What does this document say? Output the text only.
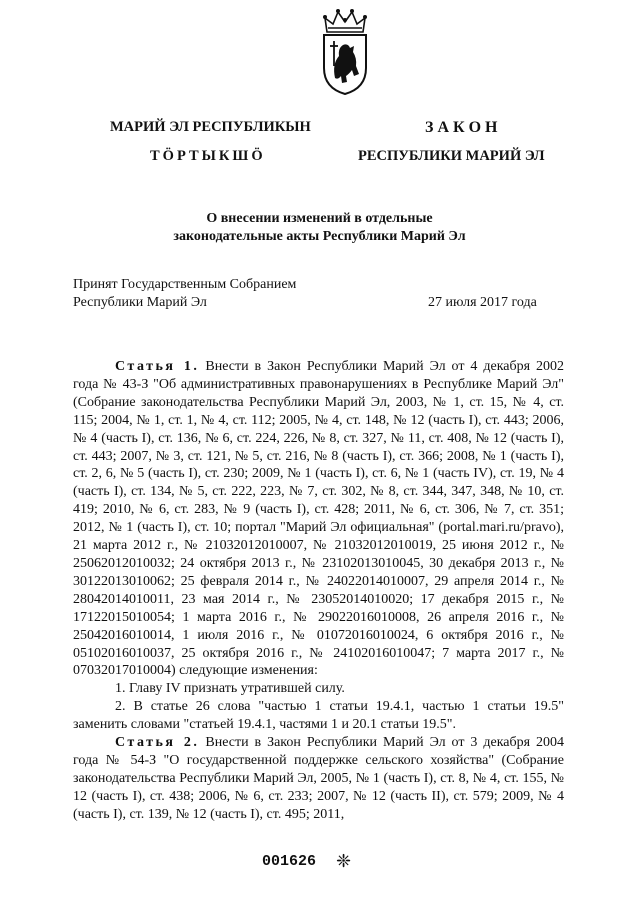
МАРИЙ ЭЛ РЕСПУБЛИКЫН
ТӦРТЫКШӦ
З А К О Н
РЕСПУБЛИКИ МАРИЙ ЭЛ
О внесении изменений в отдельные
законодательные акты Республики Марий Эл
Принят Государственным Собранием
Республики Марий Эл	27 июля 2017 года

Статья 1. Внести в Закон Республики Марий Эл от 4 декабря 2002 года № 43-З "Об административных правонарушениях в Республике Марий Эл" (Собрание законодательства Республики Марий Эл, 2003, № 1, ст. 15, № 4, ст. 115; 2004, № 1, ст. 1, № 4, ст. 112; 2005, № 4, ст. 148, № 12 (часть I), ст. 443; 2006, № 4 (часть I), ст. 136, № 6, ст. 224, 226, № 8, ст. 327, № 11, ст. 408, № 12 (часть I), ст. 443; 2007, № 3, ст. 121, № 5, ст. 216, № 8 (часть I), ст. 366; 2008, № 1 (часть I), ст. 2, 6, № 5 (часть I), ст. 230; 2009, № 1 (часть I), ст. 6, № 1 (часть IV), ст. 19, № 4 (часть I), ст. 134, № 5, ст. 222, 223, № 7, ст. 302, № 8, ст. 344, 347, 348, № 10, ст. 419; 2010, № 6, ст. 283, № 9 (часть I), ст. 428; 2011, № 6, ст. 306, № 7, ст. 351; 2012, № 1 (часть I), ст. 10; портал "Марий Эл официальная" (portal.mari.ru/pravo), 21 марта 2012 г., № 21032012010007, № 21032012010019, 25 июня 2012 г., № 25062012010032; 24 октября 2013 г., № 23102013010045, 30 декабря 2013 г., № 30122013010062; 25 февраля 2014 г., № 24022014010007, 29 апреля 2014 г., № 28042014010011, 23 мая 2014 г., № 23052014010020; 17 декабря 2015 г., № 17122015010054; 1 марта 2016 г., № 29022016010008, 26 апреля 2016 г., № 25042016010014, 1 июля 2016 г., № 01072016010024, 6 октября 2016 г., № 05102016010037, 25 октября 2016 г., № 24102016010047; 7 марта 2017 г., № 07032017010004) следующие изменения:

1. Главу IV признать утратившей силу.

2. В статье 26 слова "частью 1 статьи 19.4.1, частью 1 статьи 19.5" заменить словами "статьей 19.4.1, частями 1 и 20.1 статьи 19.5".

Статья 2. Внести в Закон Республики Марий Эл от 3 декабря 2004 года № 54-З "О государственной поддержке сельского хозяйства" (Собрание законодательства Республики Марий Эл, 2005, № 1 (часть I), ст. 8, № 4, ст. 155, № 12 (часть I), ст. 438; 2006, № 6, ст. 233; 2007, № 12 (часть II), ст. 579; 2009, № 4 (часть I), ст. 139, № 12 (часть I), ст. 495; 2011,

001626 ❈
